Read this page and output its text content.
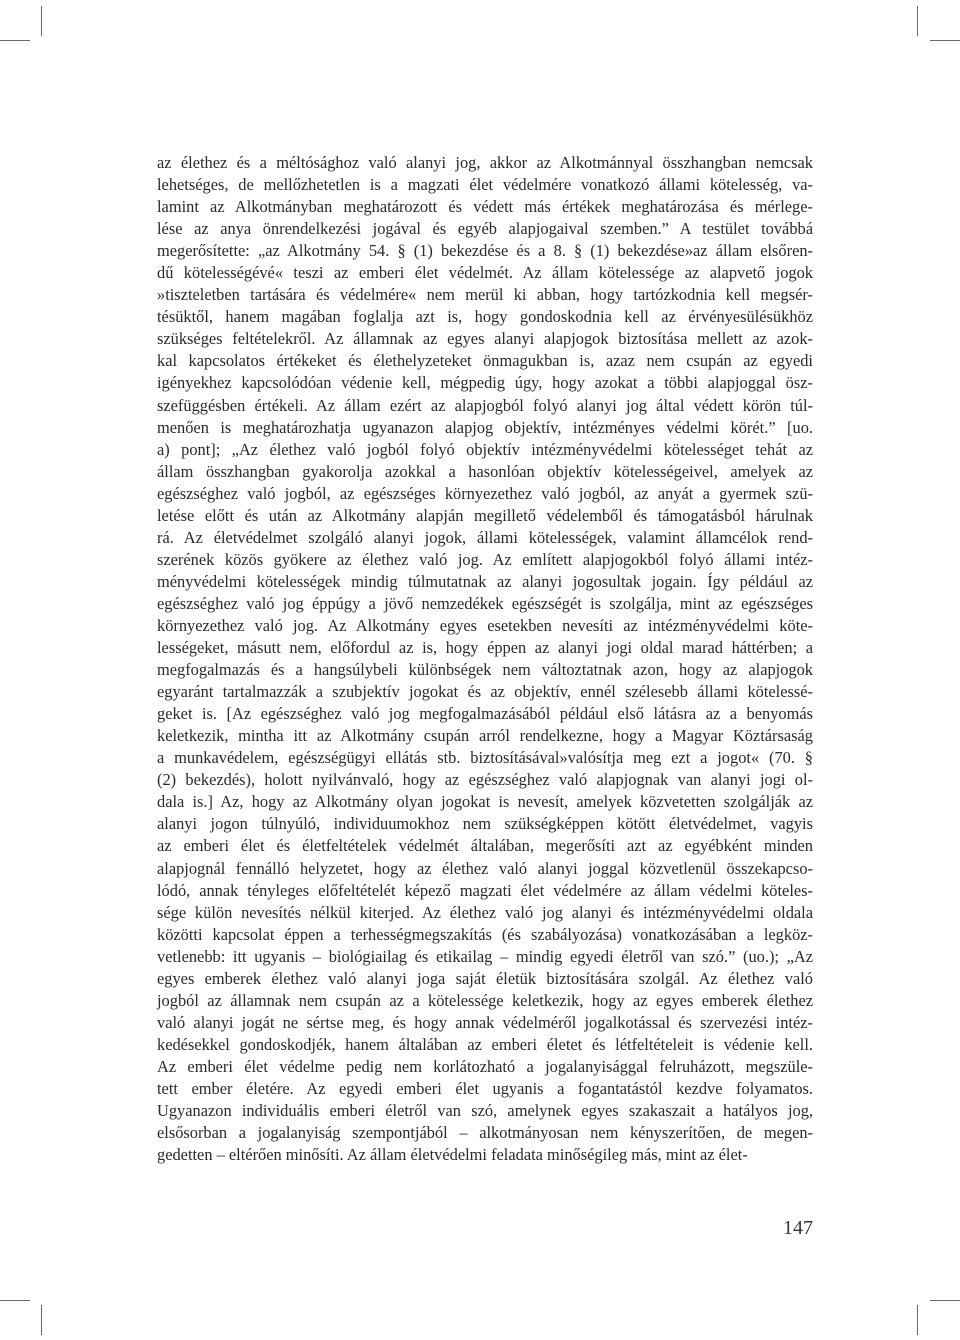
az élethez és a méltósághoz való alanyi jog, akkor az Alkotmánnyal összhangban nemcsak
lehetséges, de mellőzhetetlen is a magzati élet védelmére vonatkozó állami kötelesség, va-
lamint az Alkotmányban meghatározott és védett más értékek meghatározása és mérlege-
lése az anya önrendelkezési jogával és egyéb alapjogaival szemben.” A testület továbbá
megerősítette: „az Alkotmány 54. § (1) bekezdése és a 8. § (1) bekezdése»az állam elsőren-
dű kötelességévé« teszi az emberi élet védelmét. Az állam kötelessége az alapvető jogok
»tiszteletben tartására és védelmére« nem merül ki abban, hogy tartózkodnia kell megsér-
tésüktől, hanem magában foglalja azt is, hogy gondoskodnia kell az érvényesülésükhöz
szükséges feltételekről. Az államnak az egyes alanyi alapjogok biztosítása mellett az azok-
kal kapcsolatos értékeket és élethelyzeteket önmagukban is, azaz nem csupán az egyedi
igényekhez kapcsolódóan védenie kell, mégpedig úgy, hogy azokat a többi alapjoggal ösz-
szefüggésben értékeli. Az állam ezért az alapjogból folyó alanyi jog által védett körön túl-
menően is meghatározhatja ugyanazon alapjog objektív, intézményes védelmi körét.” [uo.
a) pont]; „Az élethez való jogból folyó objektív intézményvédelmi kötelességet tehát az
állam összhangban gyakorolja azokkal a hasonlóan objektív kötelességeivel, amelyek az
egészséghez való jogból, az egészséges környezethez való jogból, az anyát a gyermek szü-
letése előtt és után az Alkotmány alapján megillető védelemből és támogatásból hárulnak
rá. Az életvédelmet szolgáló alanyi jogok, állami kötelességek, valamint államcélok rend-
szerének közös gyökere az élethez való jog. Az említett alapjogokból folyó állami intéz-
ményvédelmi kötelességek mindig túlmutatnak az alanyi jogosultak jogain. Így például az
egészséghez való jog éppúgy a jövő nemzedékek egészségét is szolgálja, mint az egészséges
környezethez való jog. Az Alkotmány egyes esetekben nevesíti az intézményvédelmi köte-
lességeket, másutt nem, előfordul az is, hogy éppen az alanyi jogi oldal marad háttérben; a
megfogalmazás és a hangsúlybeli különbségek nem változtatnak azon, hogy az alapjogok
egyaránt tartalmazzák a szubjektív jogokat és az objektív, ennél szélesebb állami kötelessé-
geket is. [Az egészséghez való jog megfogalmazásából például első látásra az a benyomás
keletkezik, mintha itt az Alkotmány csupán arról rendelkezne, hogy a Magyar Köztársaság
a munkavédelem, egészségügyi ellátás stb. biztosításával»valósítja meg ezt a jogot« (70. §
(2) bekezdés), holott nyilvánvaló, hogy az egészséghez való alapjognak van alanyi jogi ol-
dala is.] Az, hogy az Alkotmány olyan jogokat is nevesít, amelyek közvetetten szolgálják az
alanyi jogon túlnyúló, individuumokhoz nem szükségképpen kötött életvédelmet, vagyis
az emberi élet és életfeltételek védelmét általában, megerősíti azt az egyébként minden
alapjognál fennálló helyzetet, hogy az élethez való alanyi joggal közvetlenül összekapcso-
lódó, annak tényleges előfeltételét képező magzati élet védelmére az állam védelmi köteles-
sége külön nevesítés nélkül kiterjed. Az élethez való jog alanyi és intézményvédelmi oldala
közötti kapcsolat éppen a terhességmegszakítás (és szabályozása) vonatkozásában a legköz-
vetlenebb: itt ugyanis – biológiailag és etikailag – mindig egyedi életről van szó.” (uo.); „Az
egyes emberek élethez való alanyi joga saját életük biztosítására szolgál. Az élethez való
jogból az államnak nem csupán az a kötelessége keletkezik, hogy az egyes emberek élethez
való alanyi jogát ne sértse meg, és hogy annak védelméről jogalkotással és szervezési intéz-
kedésekkel gondoskodjék, hanem általában az emberi életet és létfeltételeit is védenie kell.
Az emberi élet védelme pedig nem korlátozható a jogalanyisággal felruházott, megszüle-
tett ember életére. Az egyedi emberi élet ugyanis a fogantatástól kezdve folyamatos.
Ugyanazon individuális emberi életről van szó, amelynek egyes szakaszait a hatályos jog,
elsősorban a jogalanyiság szempontjából – alkotmányosan nem kényszerítően, de megen-
gedetten – eltérően minősíti. Az állam életvédelmi feladata minőségileg más, mint az élet-
147
